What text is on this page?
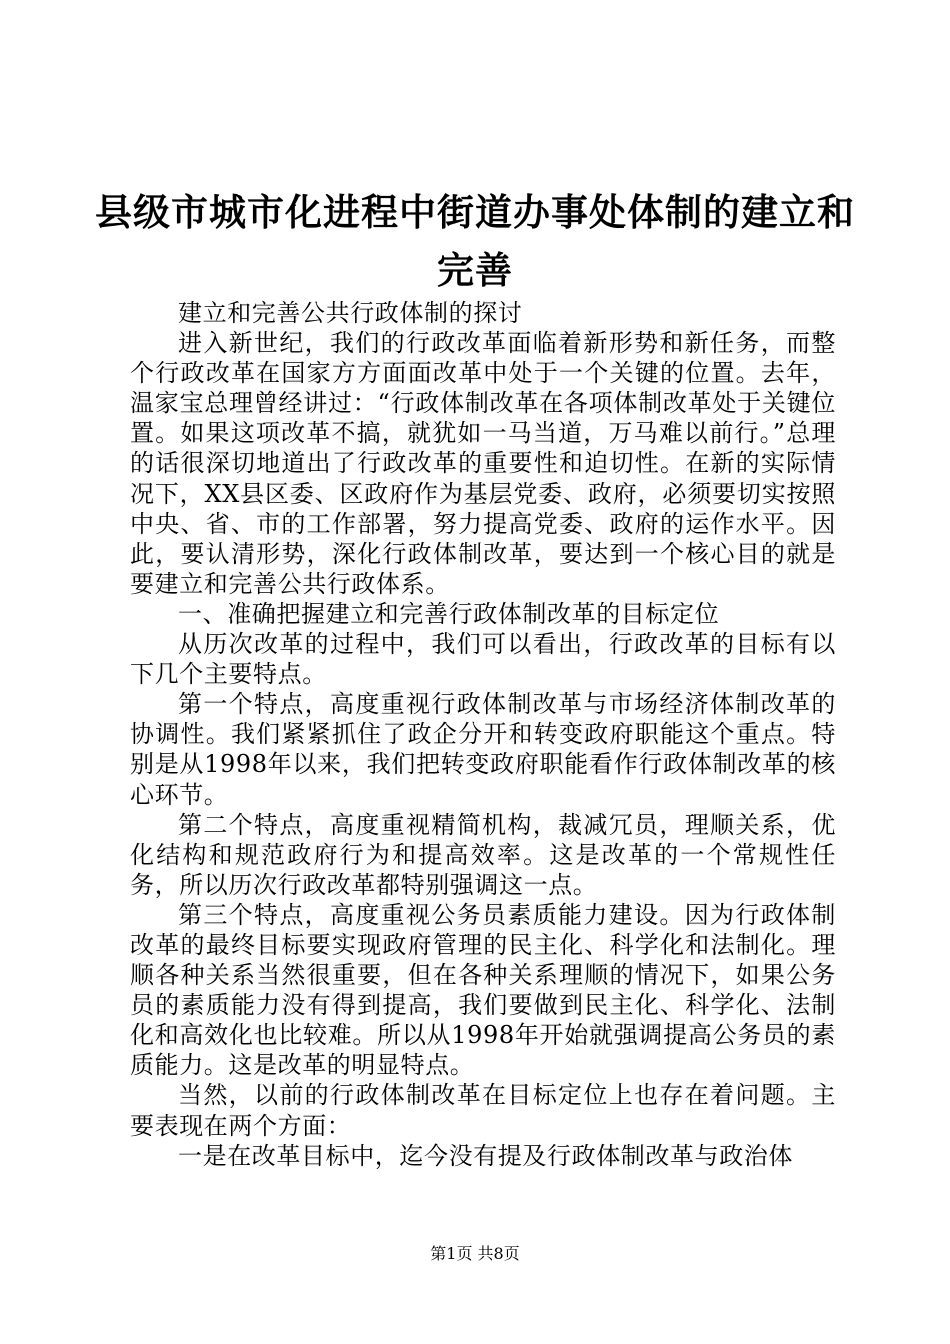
县级市城市化进程中街道办事处体制的建立和
完善

建立和完善公共行政体制的探讨

进入新世纪，我们的行政改革面临着新形势和新任务，而整个行政改革在国家方方面面改革中处于一个关键的位置。去年，温家宝总理曾经讲过：“行政体制改革在各项体制改革处于关键位置。如果这项改革不搞，就犹如一马当道，万马难以前行。”总理的话很深切地道出了行政改革的重要性和迫切性。在新的实际情况下，XX县区委、区政府作为基层党委、政府，必须要切实按照中央、省、市的工作部署，努力提高党委、政府的运作水平。因此，要认清形势，深化行政体制改革，要达到一个核心目的就是要建立和完善公共行政体系。

一、准确把握建立和完善行政体制改革的目标定位

从历次改革的过程中，我们可以看出，行政改革的目标有以下几个主要特点。

第一个特点，高度重视行政体制改革与市场经济体制改革的协调性。我们紧紧抓住了政企分开和转变政府职能这个重点。特别是从1998年以来，我们把转变政府职能看作行政体制改革的核心环节。

第二个特点，高度重视精简机构，裁减冗员，理顺关系，优化结构和规范政府行为和提高效率。这是改革的一个常规性任务，所以历次行政改革都特别强调这一点。

第三个特点，高度重视公务员素质能力建设。因为行政体制改革的最终目标要实现政府管理的民主化、科学化和法制化。理顺各种关系当然很重要，但在各种关系理顺的情况下，如果公务员的素质能力没有得到提高，我们要做到民主化、科学化、法制化和高效化也比较难。所以从1998年开始就强调提高公务员的素质能力。这是改革的明显特点。

当然，以前的行政体制改革在目标定位上也存在着问题。主要表现在两个方面：

一是在改革目标中，迄今没有提及行政体制改革与政治体

第1页 共8页
